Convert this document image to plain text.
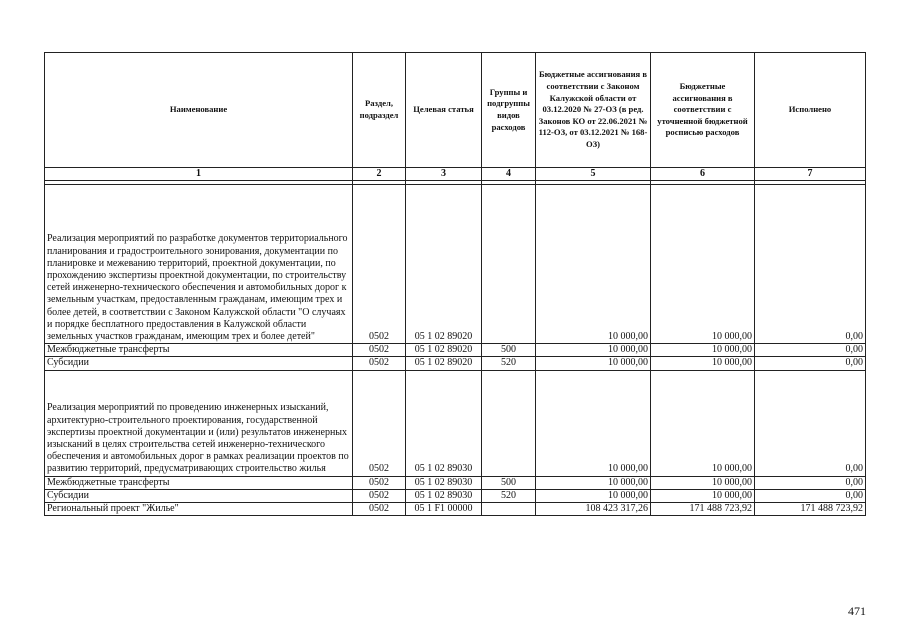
Наименование	Раздел, подраздел	Целевая статья	Группы и подгруппы видов расходов	Бюджетные ассигнования в соответствии с Законом Калужской области от 03.12.2020 № 27-ОЗ (в ред. Законов КО от 22.06.2021 № 112-ОЗ, от 03.12.2021 № 168-ОЗ)	Бюджетные ассигнования в соответствии с уточненной бюджетной росписью расходов	Исполнено
1	2	3	4	5	6	7

Реализация мероприятий по разработке документов территориального планирования и градостроительного зонирования, документации по планировке и межеванию территорий, проектной документации, по прохождению экспертизы проектной документации, по строительству сетей инженерно-технического обеспечения и автомобильных дорог к земельным участкам, предоставленным гражданам, имеющим трех и более детей, в соответствии с Законом Калужской области "О случаях и порядке бесплатного предоставления в Калужской области земельных участков гражданам, имеющим трех и более детей"	0502	05 1 02 89020		10 000,00	10 000,00	0,00
Межбюджетные трансферты	0502	05 1 02 89020	500	10 000,00	10 000,00	0,00
Субсидии	0502	05 1 02 89020	520	10 000,00	10 000,00	0,00
Реализация мероприятий по проведению инженерных изысканий, архитектурно-строительного проектирования, государственной экспертизы проектной документации и (или) результатов инженерных изысканий в целях строительства сетей инженерно-технического обеспечения и автомобильных дорог в рамках реализации проектов по развитию территорий, предусматривающих строительство жилья	0502	05 1 02 89030		10 000,00	10 000,00	0,00
Межбюджетные трансферты	0502	05 1 02 89030	500	10 000,00	10 000,00	0,00
Субсидии	0502	05 1 02 89030	520	10 000,00	10 000,00	0,00
Региональный проект "Жилье"	0502	05 1 F1 00000		108 423 317,26	171 488 723,92	171 488 723,92
471
